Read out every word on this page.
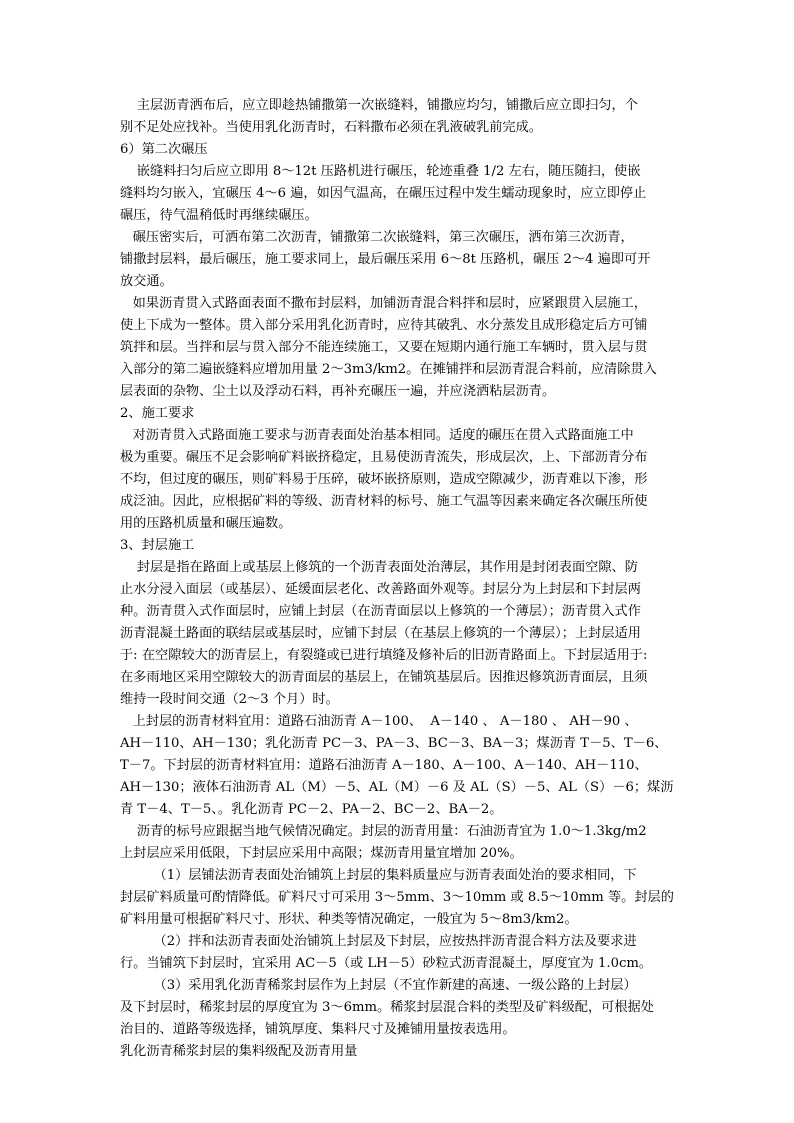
主层沥青洒布后，应立即趁热铺撒第一次嵌缝料，铺撒应均匀，铺撒后应立即扫匀，个
别不足处应找补。当使用乳化沥青时，石料撒布必须在乳液破乳前完成。
6）第二次碾压
嵌缝料扫匀后应立即用 8～12t 压路机进行碾压，轮迹重叠 1/2 左右，随压随扫，使嵌
缝料均匀嵌入，宜碾压 4～6 遍，如因气温高，在碾压过程中发生蠕动现象时，应立即停止
碾压，待气温稍低时再继续碾压。
碾压密实后，可洒布第二次沥青，铺撒第二次嵌缝料，第三次碾压，洒布第三次沥青，
铺撒封层料，最后碾压，施工要求同上，最后碾压采用 6～8t 压路机，碾压 2～4 遍即可开
放交通。
如果沥青贯入式路面表面不撒布封层料，加铺沥青混合料拌和层时，应紧跟贯入层施工，
使上下成为一整体。贯入部分采用乳化沥青时，应待其破乳、水分蒸发且成形稳定后方可铺
筑拌和层。当拌和层与贯入部分不能连续施工，又要在短期内通行施工车辆时，贯入层与贯
入部分的第二遍嵌缝料应增加用量 2～3m3/km2。在摊铺拌和层沥青混合料前，应清除贯入
层表面的杂物、尘土以及浮动石料，再补充碾压一遍，并应浇洒粘层沥青。
2、施工要求
对沥青贯入式路面施工要求与沥青表面处治基本相同。适度的碾压在贯入式路面施工中
极为重要。碾压不足会影响矿料嵌挤稳定，且易使沥青流失，形成层次，上、下部沥青分布
不均，但过度的碾压，则矿料易于压碎，破坏嵌挤原则，造成空隙减少，沥青难以下渗，形
成泛油。因此，应根据矿料的等级、沥青材料的标号、施工气温等因素来确定各次碾压所使
用的压路机质量和碾压遍数。
3、封层施工
封层是指在路面上或基层上修筑的一个沥青表面处治薄层，其作用是封闭表面空隙、防
止水分浸入面层（或基层）、延缓面层老化、改善路面外观等。封层分为上封层和下封层两
种。沥青贯入式作面层时，应铺上封层（在沥青面层以上修筑的一个薄层）；沥青贯入式作
沥青混凝土路面的联结层或基层时，应铺下封层（在基层上修筑的一个薄层）；上封层适用
于: 在空隙较大的沥青层上，有裂缝或已进行填缝及修补后的旧沥青路面上。下封层适用于:
在多雨地区采用空隙较大的沥青面层的基层上，在铺筑基层后。因推迟修筑沥青面层，且须
维持一段时间交通（2～3 个月）时。
上封层的沥青材料宜用：道路石油沥青 A－100、  A－140 、 A－180 、 AH－90 、
AH－110、AH－130；乳化沥青 PC－3、PA－3、BC－3、BA－3；煤沥青 T－5、T－6、
T－7。下封层的沥青材料宜用：道路石油沥青 A－180、A－100、A－140、AH－110、
AH－130；液体石油沥青 AL（M）－5、AL（M）－6 及 AL（S）－5、AL（S）－6；煤沥
青 T－4、T－5、。乳化沥青 PC－2、PA－2、BC－2、BA－2。
沥青的标号应跟据当地气候情况确定。封层的沥青用量：石油沥青宜为 1.0～1.3kg/m2
上封层应采用低限，下封层应采用中高限；煤沥青用量宜增加 20%。
（1）层铺法沥青表面处治铺筑上封层的集料质量应与沥青表面处治的要求相同，下
封层矿料质量可酌情降低。矿料尺寸可采用 3～5mm、3～10mm 或 8.5～10mm 等。封层的
矿料用量可根据矿料尺寸、形状、种类等情况确定，一般宜为 5～8m3/km2。
（2）拌和法沥青表面处治铺筑上封层及下封层，应按热拌沥青混合料方法及要求进
行。当铺筑下封层时，宜采用 AC－5（或 LH－5）砂粒式沥青混凝土，厚度宜为 1.0cm。
（3）采用乳化沥青稀浆封层作为上封层（不宜作新建的高速、一级公路的上封层）
及下封层时，稀浆封层的厚度宜为 3～6mm。稀浆封层混合料的类型及矿料级配，可根据处
治目的、道路等级选择，铺筑厚度、集料尺寸及摊铺用量按表选用。
乳化沥青稀浆封层的集料级配及沥青用量
